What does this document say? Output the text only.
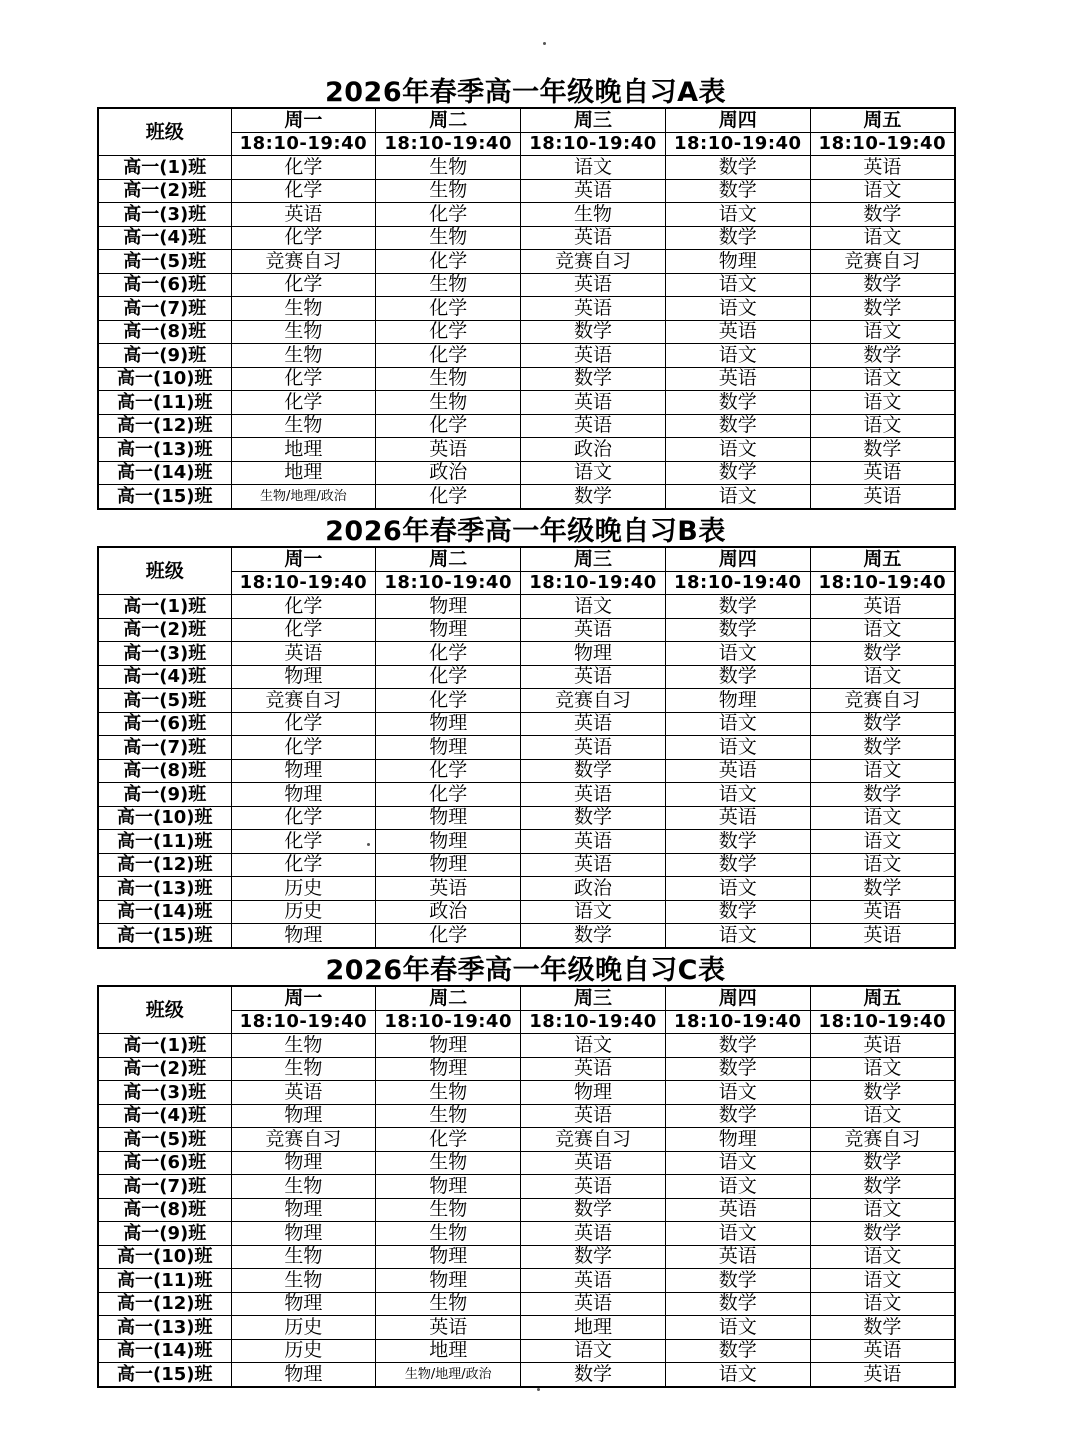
2026年春季高一年级晚自习A表
班级	周一	周二	周三	周四	周五
	18:10-19:40	18:10-19:40	18:10-19:40	18:10-19:40	18:10-19:40
高一(1)班	化学	生物	语文	数学	英语
高一(2)班	化学	生物	英语	数学	语文
高一(3)班	英语	化学	生物	语文	数学
高一(4)班	化学	生物	英语	数学	语文
高一(5)班	竞赛自习	化学	竞赛自习	物理	竞赛自习
高一(6)班	化学	生物	英语	语文	数学
高一(7)班	生物	化学	英语	语文	数学
高一(8)班	生物	化学	数学	英语	语文
高一(9)班	生物	化学	英语	语文	数学
高一(10)班	化学	生物	数学	英语	语文
高一(11)班	化学	生物	英语	数学	语文
高一(12)班	生物	化学	英语	数学	语文
高一(13)班	地理	英语	政治	语文	数学
高一(14)班	地理	政治	语文	数学	英语
高一(15)班	生物/地理/政治	化学	数学	语文	英语
2026年春季高一年级晚自习B表
班级	周一	周二	周三	周四	周五
	18:10-19:40	18:10-19:40	18:10-19:40	18:10-19:40	18:10-19:40
高一(1)班	化学	物理	语文	数学	英语
高一(2)班	化学	物理	英语	数学	语文
高一(3)班	英语	化学	物理	语文	数学
高一(4)班	物理	化学	英语	数学	语文
高一(5)班	竞赛自习	化学	竞赛自习	物理	竞赛自习
高一(6)班	化学	物理	英语	语文	数学
高一(7)班	化学	物理	英语	语文	数学
高一(8)班	物理	化学	数学	英语	语文
高一(9)班	物理	化学	英语	语文	数学
高一(10)班	化学	物理	数学	英语	语文
高一(11)班	化学	物理	英语	数学	语文
高一(12)班	化学	物理	英语	数学	语文
高一(13)班	历史	英语	政治	语文	数学
高一(14)班	历史	政治	语文	数学	英语
高一(15)班	物理	化学	数学	语文	英语
2026年春季高一年级晚自习C表
班级	周一	周二	周三	周四	周五
	18:10-19:40	18:10-19:40	18:10-19:40	18:10-19:40	18:10-19:40
高一(1)班	生物	物理	语文	数学	英语
高一(2)班	生物	物理	英语	数学	语文
高一(3)班	英语	生物	物理	语文	数学
高一(4)班	物理	生物	英语	数学	语文
高一(5)班	竞赛自习	化学	竞赛自习	物理	竞赛自习
高一(6)班	物理	生物	英语	语文	数学
高一(7)班	生物	物理	英语	语文	数学
高一(8)班	物理	生物	数学	英语	语文
高一(9)班	物理	生物	英语	语文	数学
高一(10)班	生物	物理	数学	英语	语文
高一(11)班	生物	物理	英语	数学	语文
高一(12)班	物理	生物	英语	数学	语文
高一(13)班	历史	英语	地理	语文	数学
高一(14)班	历史	地理	语文	数学	英语
高一(15)班	物理	生物/地理/政治	数学	语文	英语
